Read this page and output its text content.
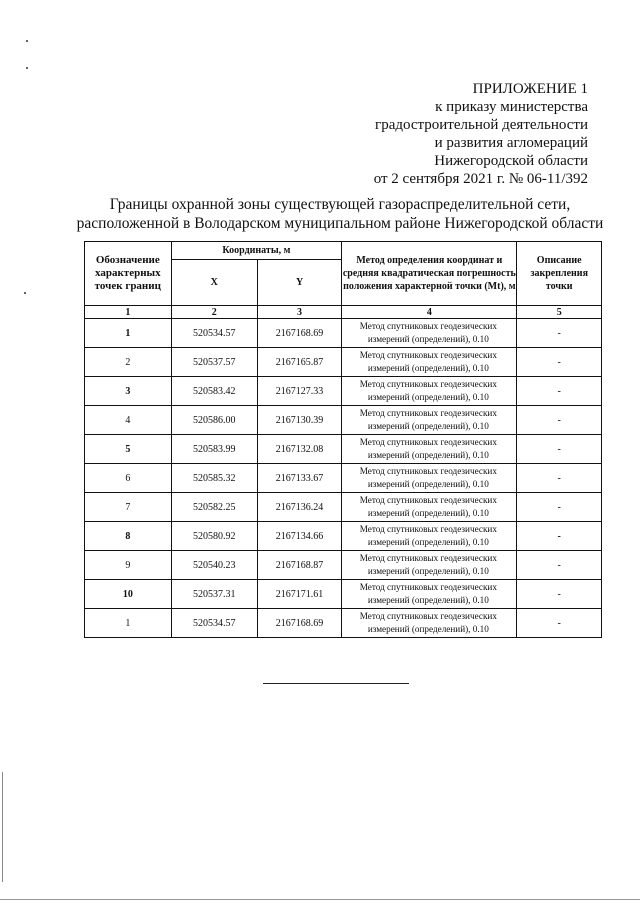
ПРИЛОЖЕНИЕ 1
к приказу министерства
градостроительной деятельности
и развития агломераций
Нижегородской области
от 2 сентября 2021 г. № 06-11/392
Границы охранной зоны существующей газораспределительной сети,
расположенной в Володарском муниципальном районе Нижегородской области
Обозначение характерных точек границ	Координаты, м		Метод определения координат и средняя квадратическая погрешность положения характерной точки (Mt), м	Описание закрепления точки
	X	Y		
1	2	3	4	5
1	520534.57	2167168.69	Метод спутниковых геодезических измерений (определений), 0.10	-
2	520537.57	2167165.87	Метод спутниковых геодезических измерений (определений), 0.10	-
3	520583.42	2167127.33	Метод спутниковых геодезических измерений (определений), 0.10	-
4	520586.00	2167130.39	Метод спутниковых геодезических измерений (определений), 0.10	-
5	520583.99	2167132.08	Метод спутниковых геодезических измерений (определений), 0.10	-
6	520585.32	2167133.67	Метод спутниковых геодезических измерений (определений), 0.10	-
7	520582.25	2167136.24	Метод спутниковых геодезических измерений (определений), 0.10	-
8	520580.92	2167134.66	Метод спутниковых геодезических измерений (определений), 0.10	-
9	520540.23	2167168.87	Метод спутниковых геодезических измерений (определений), 0.10	-
10	520537.31	2167171.61	Метод спутниковых геодезических измерений (определений), 0.10	-
1	520534.57	2167168.69	Метод спутниковых геодезических измерений (определений), 0.10	-
